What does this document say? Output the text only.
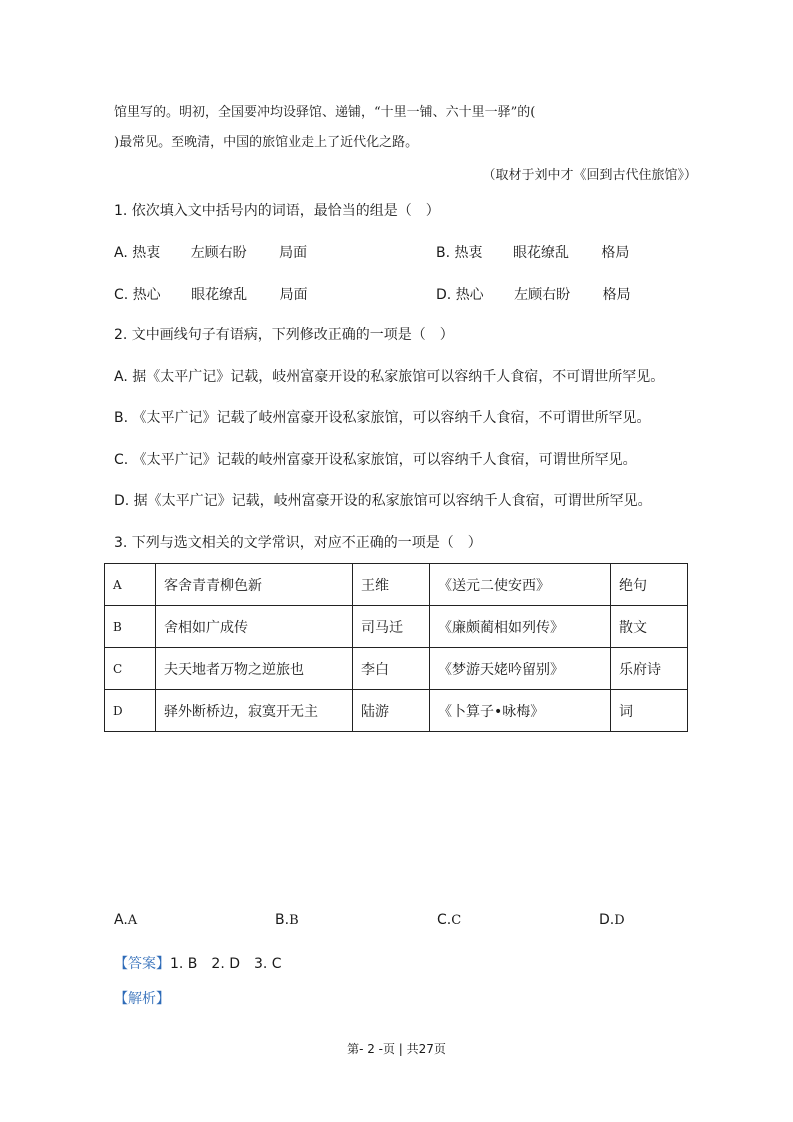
馆里写的。明初，全国要冲均设驿馆、递铺，“十里一铺、六十里一驿”的(
)最常见。至晚清，中国的旅馆业走上了近代化之路。
（取材于刘中才《回到古代住旅馆》）
1. 依次填入文中括号内的词语，最恰当的组是（　）
A. 热衷 左顾右盼 局面	B. 热衷 眼花缭乱 格局
C. 热心 眼花缭乱 局面	D. 热心 左顾右盼 格局
2. 文中画线句子有语病，下列修改正确的一项是（　）
A. 据《太平广记》记载，岐州富豪开设的私家旅馆可以容纳千人食宿，不可谓世所罕见。
B. 《太平广记》记载了岐州富豪开设私家旅馆，可以容纳千人食宿，不可谓世所罕见。
C. 《太平广记》记载的岐州富豪开设私家旅馆，可以容纳千人食宿，可谓世所罕见。
D. 据《太平广记》记载，岐州富豪开设的私家旅馆可以容纳千人食宿，可谓世所罕见。
3. 下列与选文相关的文学常识，对应不正确的一项是（　）
A	客舍青青柳色新	王维	《送元二使安西》	绝句
B	舍相如广成传	司马迁	《廉颇蔺相如列传》	散文
C	夫天地者万物之逆旅也	李白	《梦游天姥吟留别》	乐府诗
D	驿外断桥边，寂寞开无主	陆游	《卜算子•咏梅》	词
A.A	B.B	C.C	D.D
【答案】1. B　2. D　3. C
【解析】
第- 2 -页 | 共27页
